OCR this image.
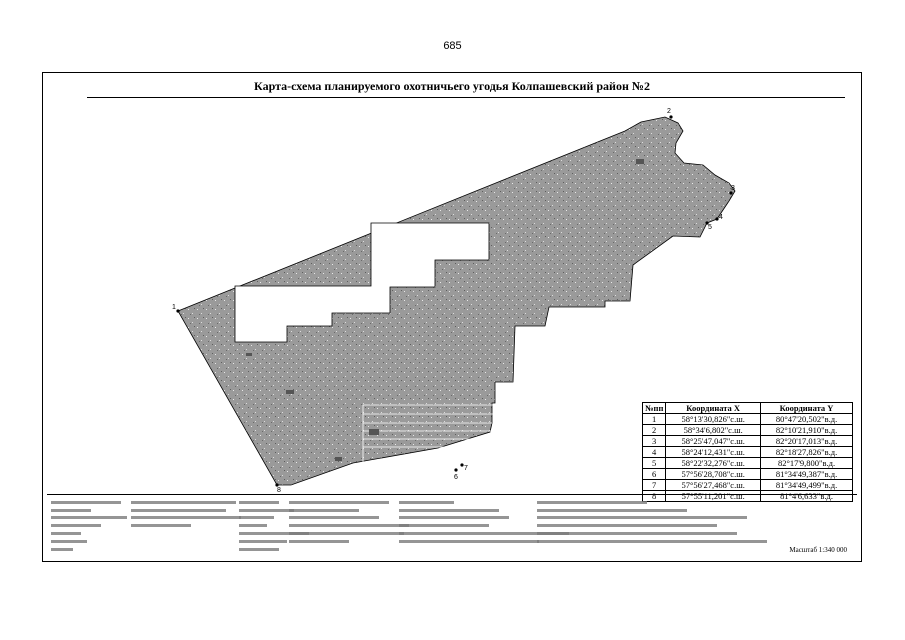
685
Карта-схема планируемого охотничьего угодья Колпашевский район №2
1
2
3
4
5
6
7
8
№пп	Координата X	Координата Y
1	58°13'30,826"с.ш.	80°47'20,502"в.д.
2	58°34'6,802"с.ш.	82°10'21,910"в.д.
3	58°25'47,047"с.ш.	82°20'17,013"в.д.
4	58°24'12,431"с.ш.	82°18'27,826"в.д.
5	58°22'32,276"с.ш.	82°17'9,800"в.д.
6	57°56'28,708"с.ш.	81°34'49,387"в.д.
7	57°56'27,468"с.ш.	81°34'49,499"в.д.
8	57°55'11,201"с.ш.	81°4'6,633"в.д.
Масштаб 1:340 000
